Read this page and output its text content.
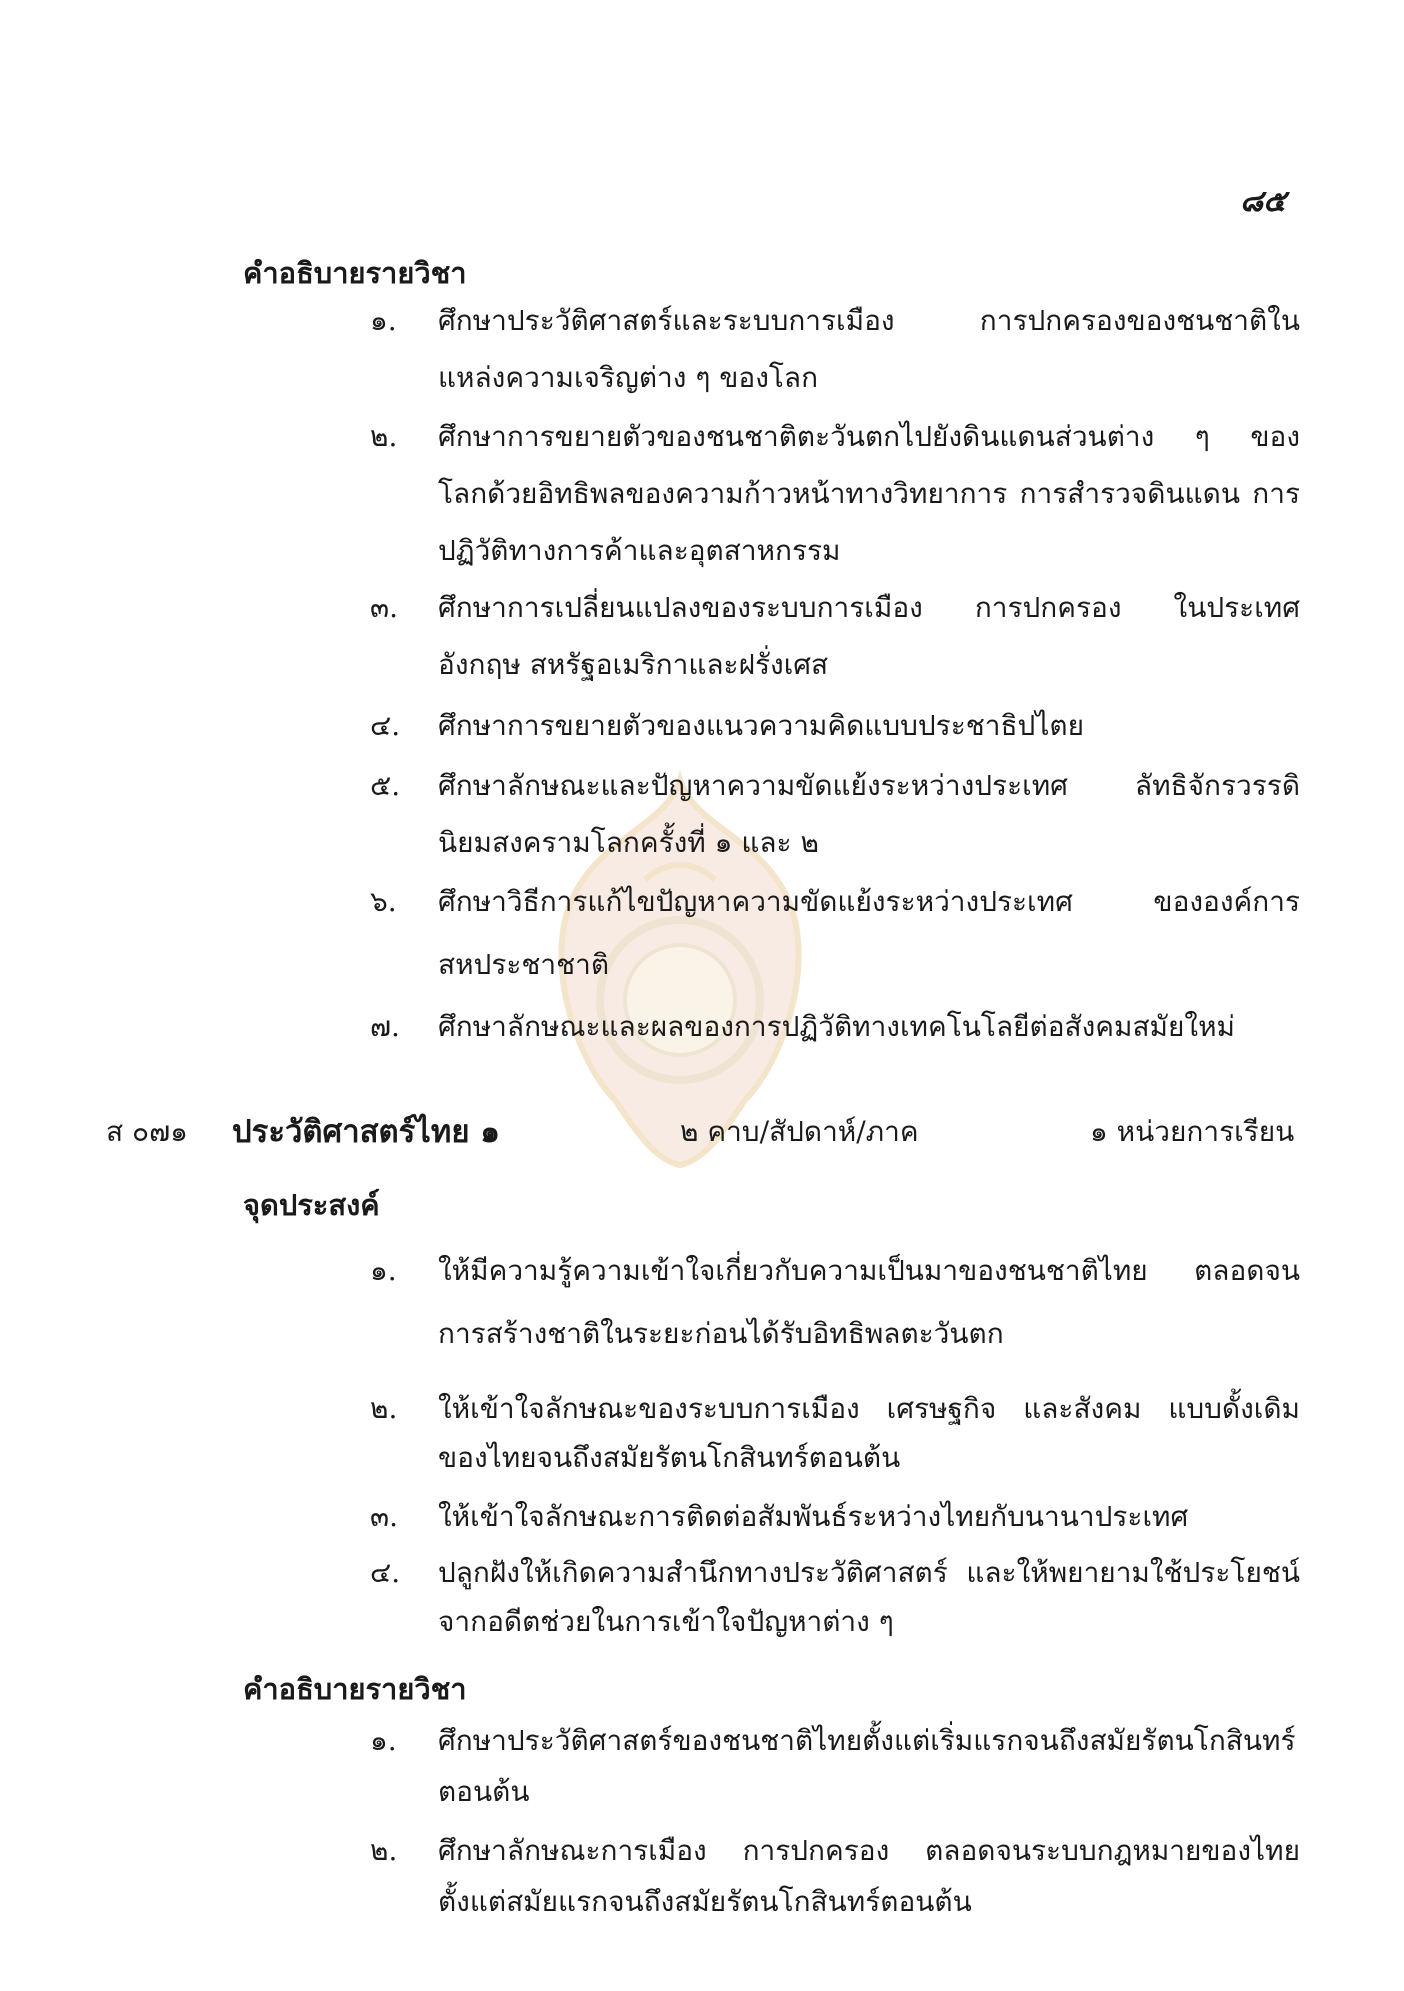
๘๕
คำอธิบายรายวิชา
๑. ศึกษาประวัติศาสตร์และระบบการเมือง การปกครองของชนชาติใน
แหล่งความเจริญต่าง ๆ ของโลก
๒. ศึกษาการขยายตัวของชนชาติตะวันตกไปยังดินแดนส่วนต่าง ๆ ของ
โลกด้วยอิทธิพลของความก้าวหน้าทางวิทยาการ การสำรวจดินแดน การ
ปฏิวัติทางการค้าและอุตสาหกรรม
๓. ศึกษาการเปลี่ยนแปลงของระบบการเมือง การปกครอง ในประเทศ
อังกฤษ สหรัฐอเมริกาและฝรั่งเศส
๔. ศึกษาการขยายตัวของแนวความคิดแบบประชาธิปไตย
๕. ศึกษาลักษณะและปัญหาความขัดแย้งระหว่างประเทศ ลัทธิจักรวรรดิ
นิยมสงครามโลกครั้งที่ ๑ และ ๒
๖. ศึกษาวิธีการแก้ไขปัญหาความขัดแย้งระหว่างประเทศ ขององค์การ
สหประชาชาติ
๗. ศึกษาลักษณะและผลของการปฏิวัติทางเทคโนโลยีต่อสังคมสมัยใหม่
ส ๐๗๑ ประวัติศาสตร์ไทย ๑	๒ คาบ/สัปดาห์/ภาค	๑ หน่วยการเรียน
จุดประสงค์
๑. ให้มีความรู้ความเข้าใจเกี่ยวกับความเป็นมาของชนชาติไทย ตลอดจน
การสร้างชาติในระยะก่อนได้รับอิทธิพลตะวันตก
๒. ให้เข้าใจลักษณะของระบบการเมือง เศรษฐกิจ และสังคม แบบดั้งเดิม
ของไทยจนถึงสมัยรัตนโกสินทร์ตอนต้น
๓. ให้เข้าใจลักษณะการติดต่อสัมพันธ์ระหว่างไทยกับนานาประเทศ
๔. ปลูกฝังให้เกิดความสำนึกทางประวัติศาสตร์ และให้พยายามใช้ประโยชน์
จากอดีตช่วยในการเข้าใจปัญหาต่าง ๆ
คำอธิบายรายวิชา
๑. ศึกษาประวัติศาสตร์ของชนชาติไทยตั้งแต่เริ่มแรกจนถึงสมัยรัตนโกสินทร์
ตอนต้น
๒. ศึกษาลักษณะการเมือง การปกครอง ตลอดจนระบบกฎหมายของไทย
ตั้งแต่สมัยแรกจนถึงสมัยรัตนโกสินทร์ตอนต้น
